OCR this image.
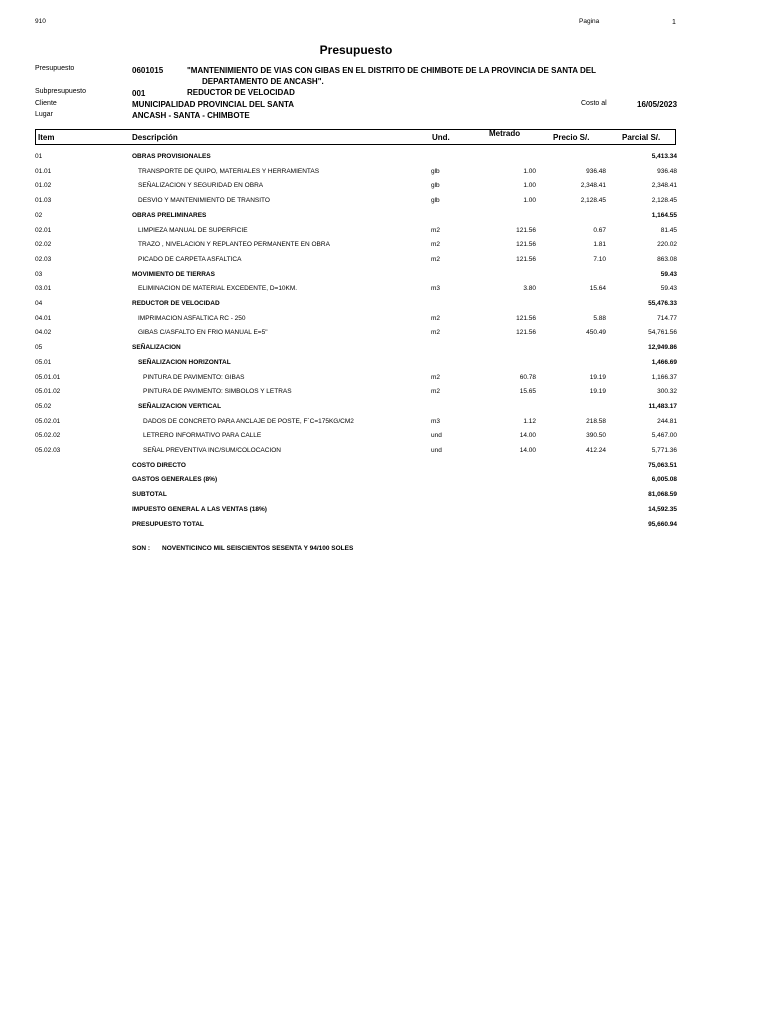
910	Pagina	1
Presupuesto
Presupuesto	0601015	"MANTENIMIENTO DE VIAS CON GIBAS EN EL DISTRITO DE CHIMBOTE DE LA PROVINCIA DE SANTA DEL
DEPARTAMENTO DE ANCASH".
Subpresupuesto	001	REDUCTOR DE VELOCIDAD
Cliente	MUNICIPALIDAD PROVINCIAL DEL SANTA	Costo al	16/05/2023
Lugar	ANCASH - SANTA - CHIMBOTE
Item	Descripción	Und.	Metrado	Precio S/.	Parcial S/.
01	OBRAS PROVISIONALES	5,413.34
01.01	TRANSPORTE DE QUIPO, MATERIALES Y HERRAMIENTAS	glb	1.00	936.48	936.48
01.02	SEÑALIZACION Y SEGURIDAD EN OBRA	glb	1.00	2,348.41	2,348.41
01.03	DESVIO Y MANTENIMIENTO DE TRANSITO	glb	1.00	2,128.45	2,128.45
02	OBRAS PRELIMINARES	1,164.55
02.01	LIMPIEZA MANUAL DE SUPERFICIE	m2	121.56	0.67	81.45
02.02	TRAZO , NIVELACION Y REPLANTEO PERMANENTE EN OBRA	m2	121.56	1.81	220.02
02.03	PICADO DE CARPETA ASFALTICA	m2	121.56	7.10	863.08
03	MOVIMIENTO DE TIERRAS	59.43
03.01	ELIMINACION DE MATERIAL EXCEDENTE, D=10KM.	m3	3.80	15.64	59.43
04	REDUCTOR DE VELOCIDAD	55,476.33
04.01	IMPRIMACION ASFALTICA RC - 250	m2	121.56	5.88	714.77
04.02	GIBAS C/ASFALTO EN FRIO MANUAL E=5"	m2	121.56	450.49	54,761.56
05	SEÑALIZACION	12,949.86
05.01	SEÑALIZACION HORIZONTAL	1,466.69
05.01.01	PINTURA DE PAVIMENTO: GIBAS	m2	60.78	19.19	1,166.37
05.01.02	PINTURA DE PAVIMENTO: SIMBOLOS Y LETRAS	m2	15.65	19.19	300.32
05.02	SEÑALIZACION VERTICAL	11,483.17
05.02.01	DADOS DE CONCRETO PARA ANCLAJE DE POSTE, F´C=175KG/CM2	m3	1.12	218.58	244.81
05.02.02	LETRERO INFORMATIVO PARA CALLE	und	14.00	390.50	5,467.00
05.02.03	SEÑAL PREVENTIVA INC/SUM/COLOCACION	und	14.00	412.24	5,771.36
COSTO DIRECTO	75,063.51
GASTOS GENERALES (8%)	6,005.08
SUBTOTAL	81,068.59
IMPUESTO GENERAL A LAS VENTAS (18%)	14,592.35
PRESUPUESTO TOTAL	95,660.94
SON : NOVENTICINCO MIL SEISCIENTOS SESENTA Y 94/100 SOLES
